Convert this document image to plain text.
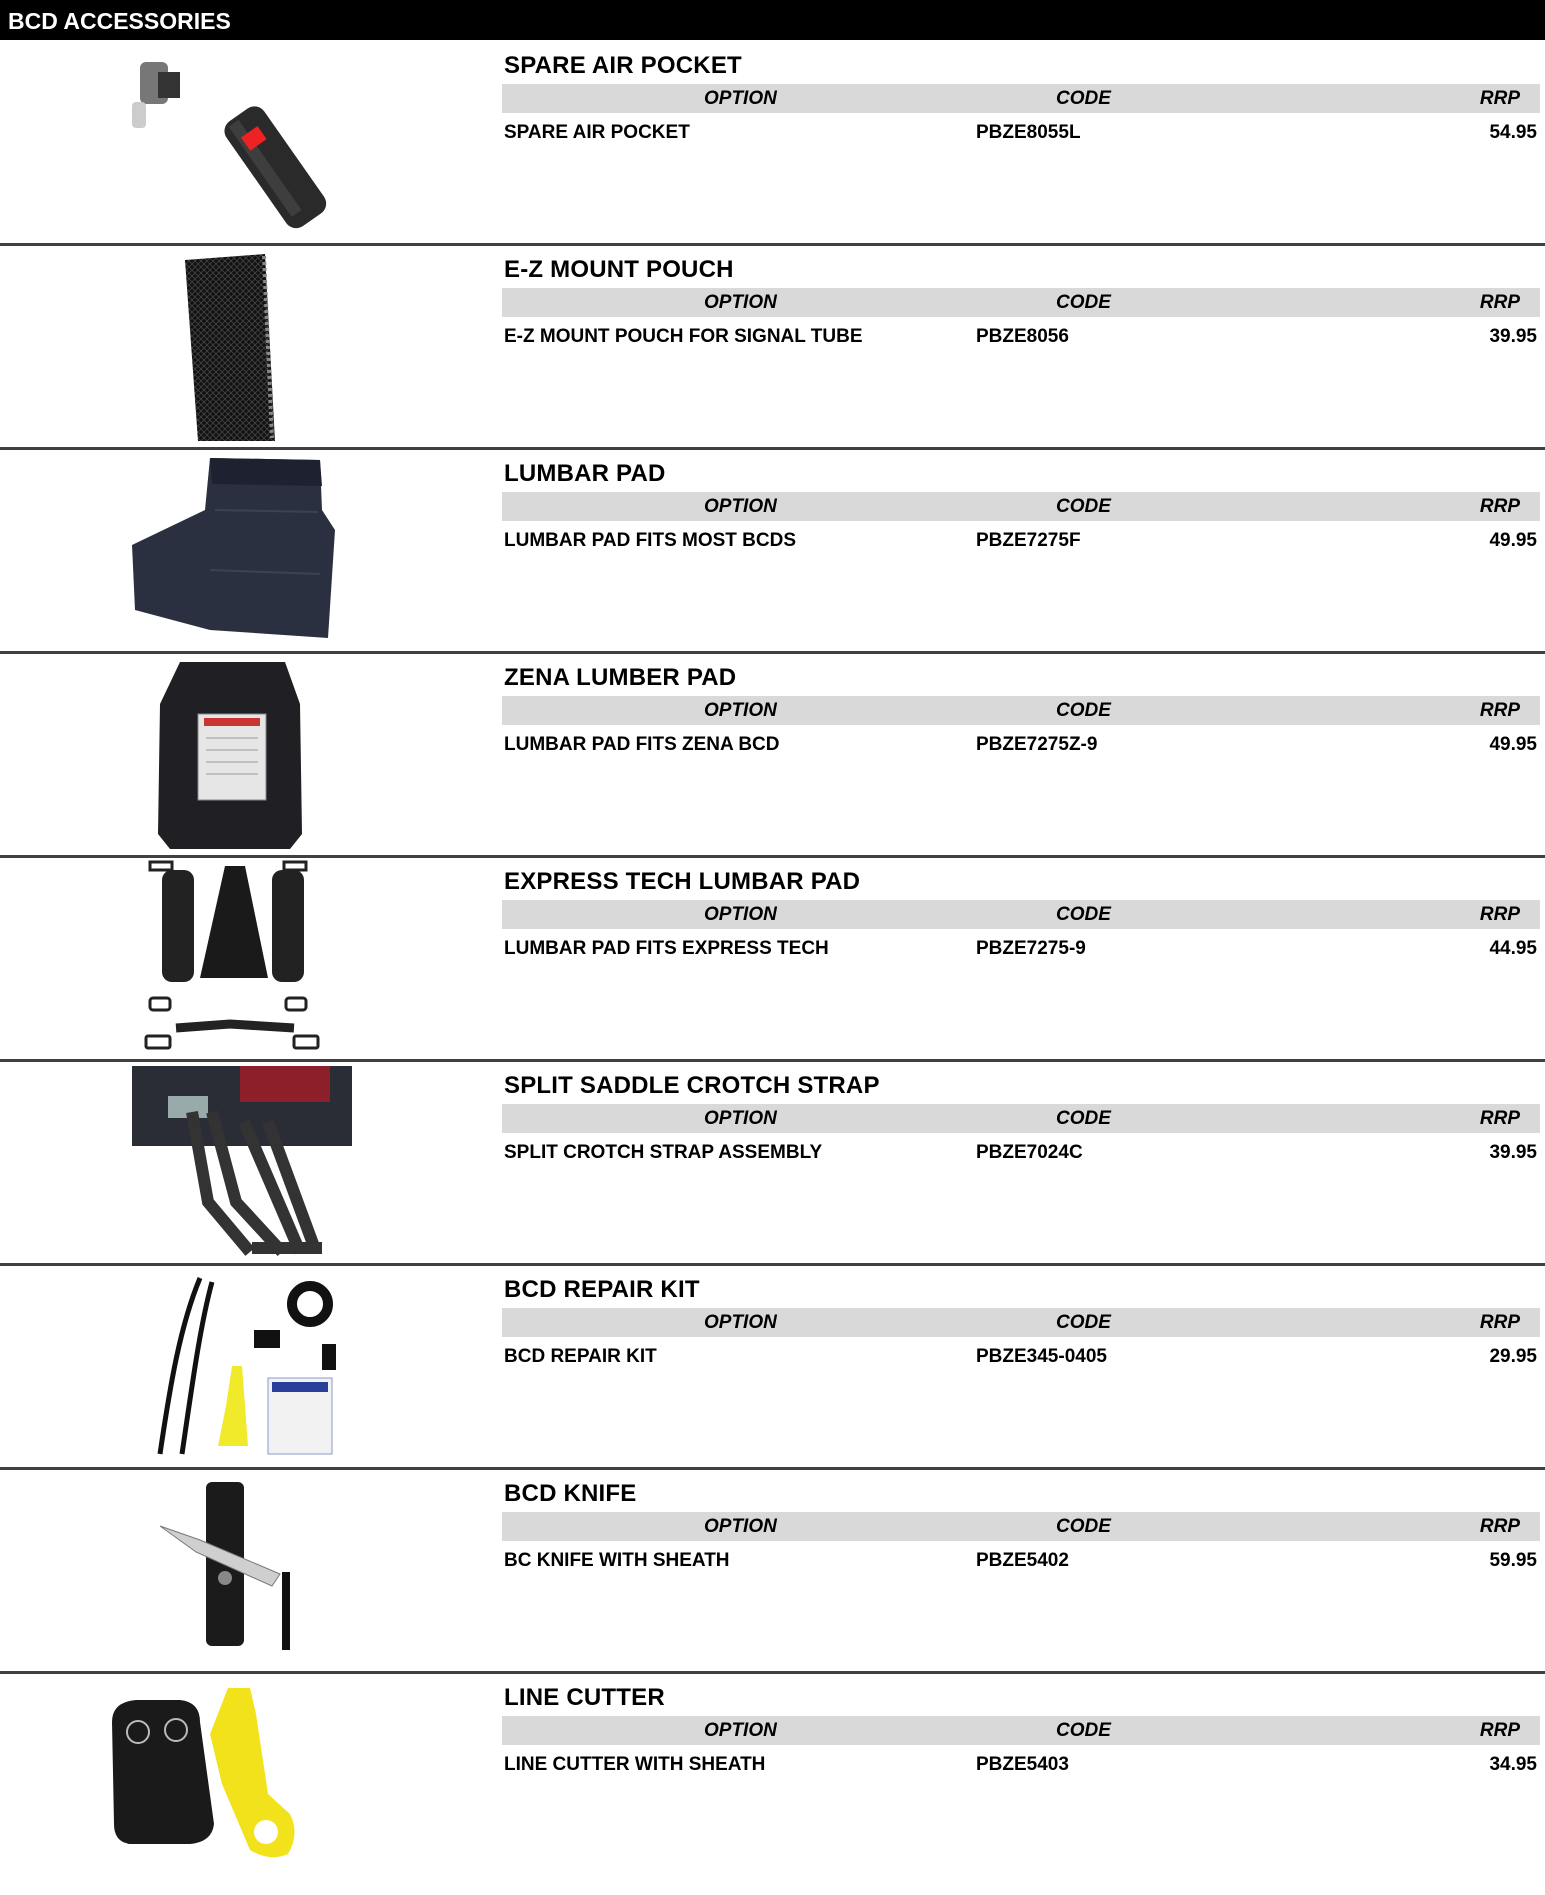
BCD ACCESSORIES
SPARE AIR POCKET
OPTION	CODE	RRP
SPARE AIR POCKET	PBZE8055L	54.95
E-Z MOUNT POUCH
OPTION	CODE	RRP
E-Z MOUNT POUCH FOR SIGNAL TUBE	PBZE8056	39.95
LUMBAR PAD
OPTION	CODE	RRP
LUMBAR PAD FITS MOST BCDS	PBZE7275F	49.95
ZENA LUMBER PAD
OPTION	CODE	RRP
LUMBAR PAD FITS ZENA BCD	PBZE7275Z-9	49.95
EXPRESS TECH LUMBAR PAD
OPTION	CODE	RRP
LUMBAR PAD FITS EXPRESS TECH	PBZE7275-9	44.95
SPLIT SADDLE CROTCH STRAP
OPTION	CODE	RRP
SPLIT CROTCH STRAP ASSEMBLY	PBZE7024C	39.95
BCD REPAIR KIT
OPTION	CODE	RRP
BCD REPAIR KIT	PBZE345-0405	29.95
BCD KNIFE
OPTION	CODE	RRP
BC KNIFE WITH SHEATH	PBZE5402	59.95
LINE CUTTER
OPTION	CODE	RRP
LINE CUTTER WITH SHEATH	PBZE5403	34.95
